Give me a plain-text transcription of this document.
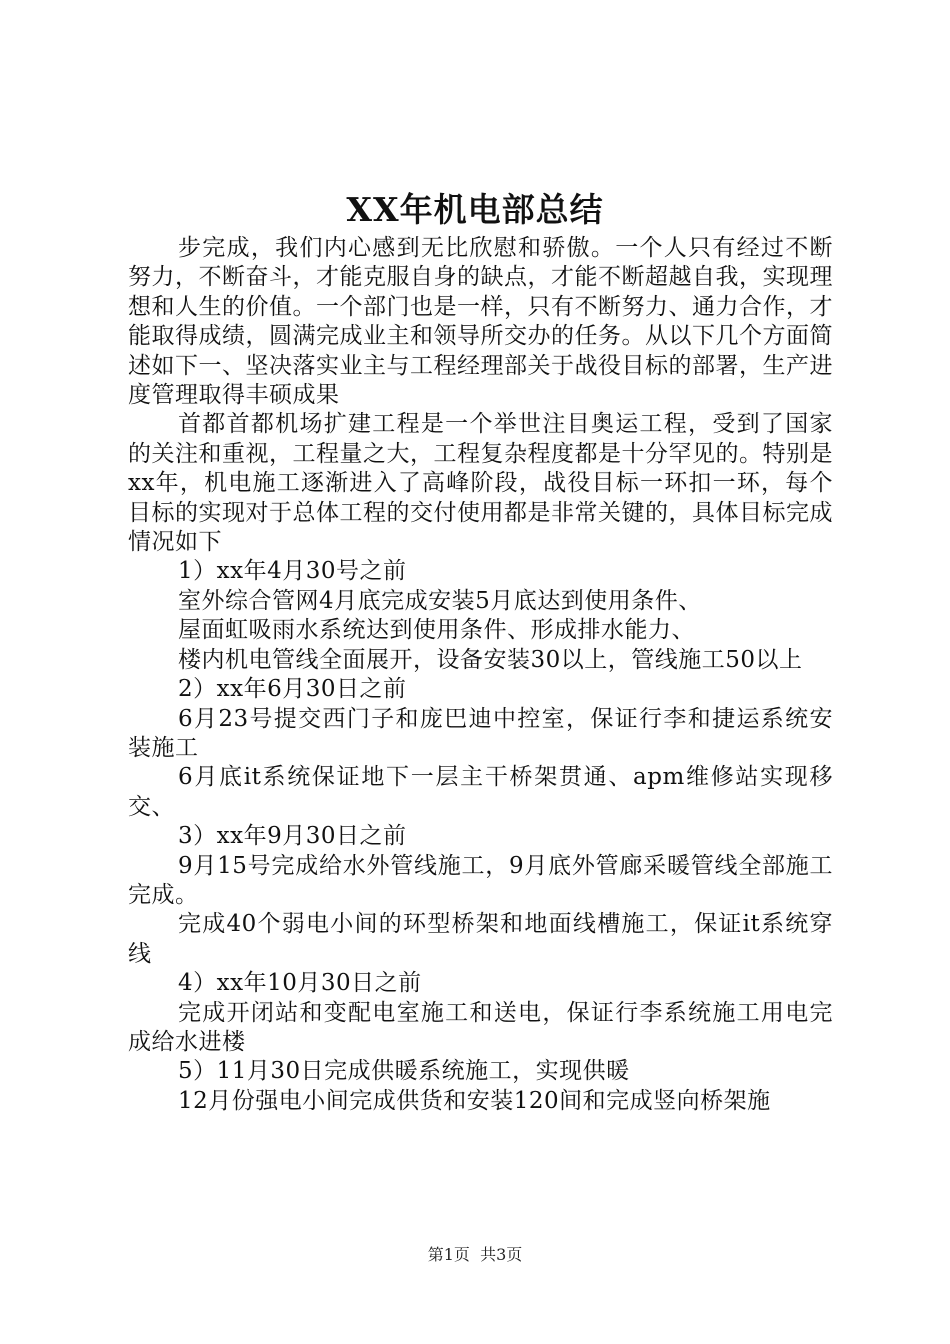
XX年机电部总结

步完成，我们内心感到无比欣慰和骄傲。一个人只有经过不断努力，不断奋斗，才能克服自身的缺点，才能不断超越自我，实现理想和人生的价值。一个部门也是一样，只有不断努力、通力合作，才能取得成绩，圆满完成业主和领导所交办的任务。从以下几个方面简述如下一、坚决落实业主与工程经理部关于战役目标的部署，生产进度管理取得丰硕成果

首都首都机场扩建工程是一个举世注目奥运工程，受到了国家的关注和重视，工程量之大，工程复杂程度都是十分罕见的。特别是xx年，机电施工逐渐进入了高峰阶段，战役目标一环扣一环，每个目标的实现对于总体工程的交付使用都是非常关键的，具体目标完成情况如下

1）xx年4月30号之前

室外综合管网4月底完成安装5月底达到使用条件、

屋面虹吸雨水系统达到使用条件、形成排水能力、

楼内机电管线全面展开，设备安装30以上，管线施工50以上

2）xx年6月30日之前

6月23号提交西门子和庞巴迪中控室，保证行李和捷运系统安装施工

6月底it系统保证地下一层主干桥架贯通、apm维修站实现移交、

3）xx年9月30日之前

9月15号完成给水外管线施工，9月底外管廊采暖管线全部施工完成。

完成40个弱电小间的环型桥架和地面线槽施工，保证it系统穿线

4）xx年10月30日之前

完成开闭站和变配电室施工和送电，保证行李系统施工用电完成给水进楼

5）11月30日完成供暖系统施工，实现供暖

12月份强电小间完成供货和安装120间和完成竖向桥架施

第1页 共3页
